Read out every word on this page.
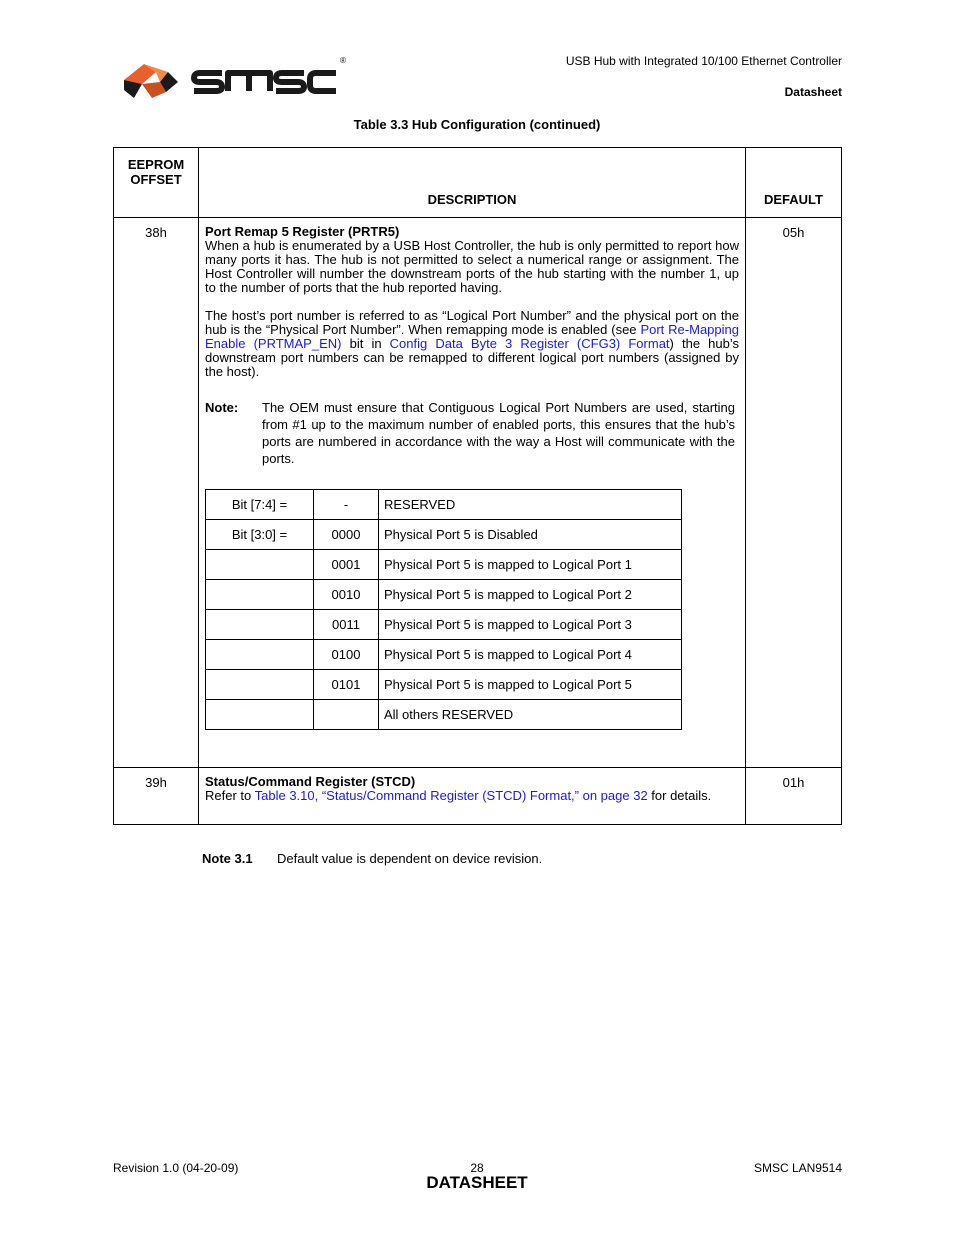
®	USB Hub with Integrated 10/100 Ethernet Controller
Datasheet
Table 3.3 Hub Configuration (continued)
EEPROM
OFFSET	DESCRIPTION	DEFAULT
38h	Port Remap 5 Register (PRTR5)

When a hub is enumerated by a USB Host Controller, the hub is only permitted to report how many ports it has. The hub is not permitted to select a numerical range or assignment. The Host Controller will number the downstream ports of the hub starting with the number 1, up to the number of ports that the hub reported having.

The host’s port number is referred to as “Logical Port Number” and the physical port on the hub is the “Physical Port Number”. When remapping mode is enabled (see Port Re-Mapping Enable (PRTMAP_EN) bit in Config Data Byte 3 Register (CFG3) Format) the hub’s downstream port numbers can be remapped to different logical port numbers (assigned by the host).

Note:	The OEM must ensure that Contiguous Logical Port Numbers are used, starting from #1 up to the maximum number of enabled ports, this ensures that the hub’s ports are numbered in accordance with the way a Host will communicate with the ports.
Bit [7:4] =	-	RESERVED
Bit [3:0] =	0000	Physical Port 5 is Disabled
	0001	Physical Port 5 is mapped to Logical Port 1
	0010	Physical Port 5 is mapped to Logical Port 2
	0011	Physical Port 5 is mapped to Logical Port 3
	0100	Physical Port 5 is mapped to Logical Port 4
	0101	Physical Port 5 is mapped to Logical Port 5
		All others RESERVED
	05h
39h	Status/Command Register (STCD)

Refer to Table 3.10, “Status/Command Register (STCD) Format,” on page 32 for details.

	01h
Note 3.1 Default value is dependent on device revision.
Revision 1.0 (04-20-09)	28	SMSC LAN9514
DATASHEET
